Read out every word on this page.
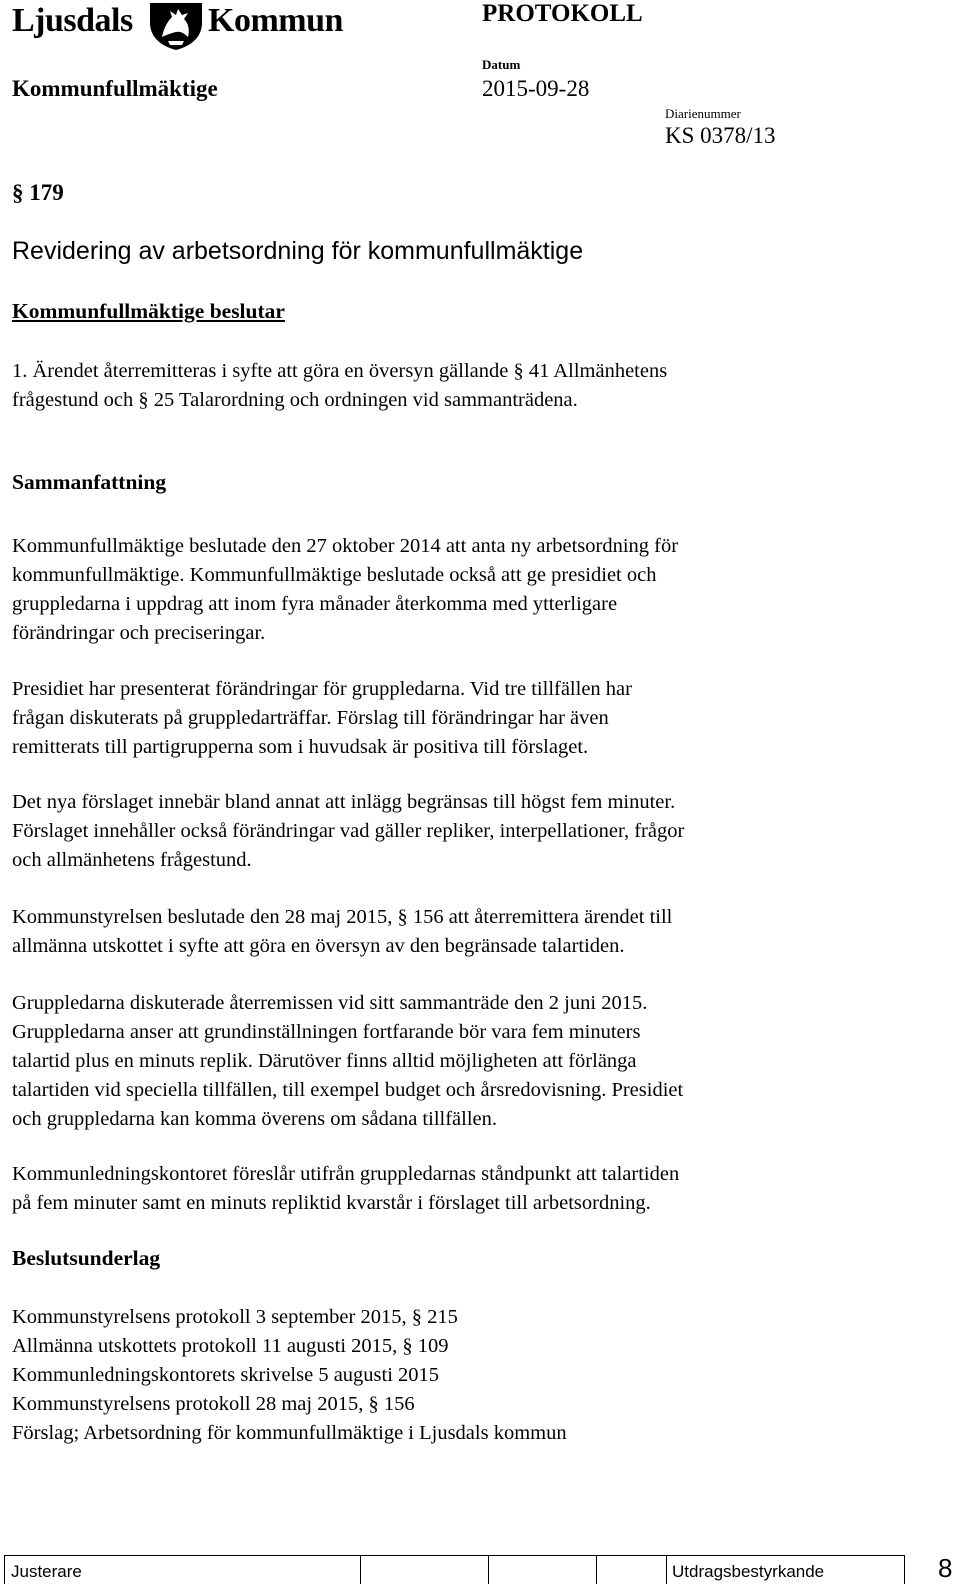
Ljusdals Kommun	PROTOKOLL
Kommunfullmäktige
Datum
2015-09-28
Diarienummer
KS 0378/13
§ 179
Revidering av arbetsordning för kommunfullmäktige
Kommunfullmäktige beslutar
1. Ärendet återremitteras i syfte att göra en översyn gällande § 41 Allmänhetens
frågestund och § 25 Talarordning och ordningen vid sammanträdena.
Sammanfattning
Kommunfullmäktige beslutade den 27 oktober 2014 att anta ny arbetsordning för
kommunfullmäktige. Kommunfullmäktige beslutade också att ge presidiet och
gruppledarna i uppdrag att inom fyra månader återkomma med ytterligare
förändringar och preciseringar.
Presidiet har presenterat förändringar för gruppledarna. Vid tre tillfällen har
frågan diskuterats på gruppledarträffar. Förslag till förändringar har även
remitterats till partigrupperna som i huvudsak är positiva till förslaget.
Det nya förslaget innebär bland annat att inlägg begränsas till högst fem minuter.
Förslaget innehåller också förändringar vad gäller repliker, interpellationer, frågor
och allmänhetens frågestund.
Kommunstyrelsen beslutade den 28 maj 2015, § 156 att återremittera ärendet till
allmänna utskottet i syfte att göra en översyn av den begränsade talartiden.
Gruppledarna diskuterade återremissen vid sitt sammanträde den 2 juni 2015.
Gruppledarna anser att grundinställningen fortfarande bör vara fem minuters
talartid plus en minuts replik. Därutöver finns alltid möjligheten att förlänga
talartiden vid speciella tillfällen, till exempel budget och årsredovisning. Presidiet
och gruppledarna kan komma överens om sådana tillfällen.
Kommunledningskontoret föreslår utifrån gruppledarnas ståndpunkt att talartiden
på fem minuter samt en minuts repliktid kvarstår i förslaget till arbetsordning.
Beslutsunderlag
Kommunstyrelsens protokoll 3 september 2015, § 215
Allmänna utskottets protokoll 11 augusti 2015, § 109
Kommunledningskontorets skrivelse 5 augusti 2015
Kommunstyrelsens protokoll 28 maj 2015, § 156
Förslag; Arbetsordning för kommunfullmäktige i Ljusdals kommun
Justerare	Utdragsbestyrkande	8
